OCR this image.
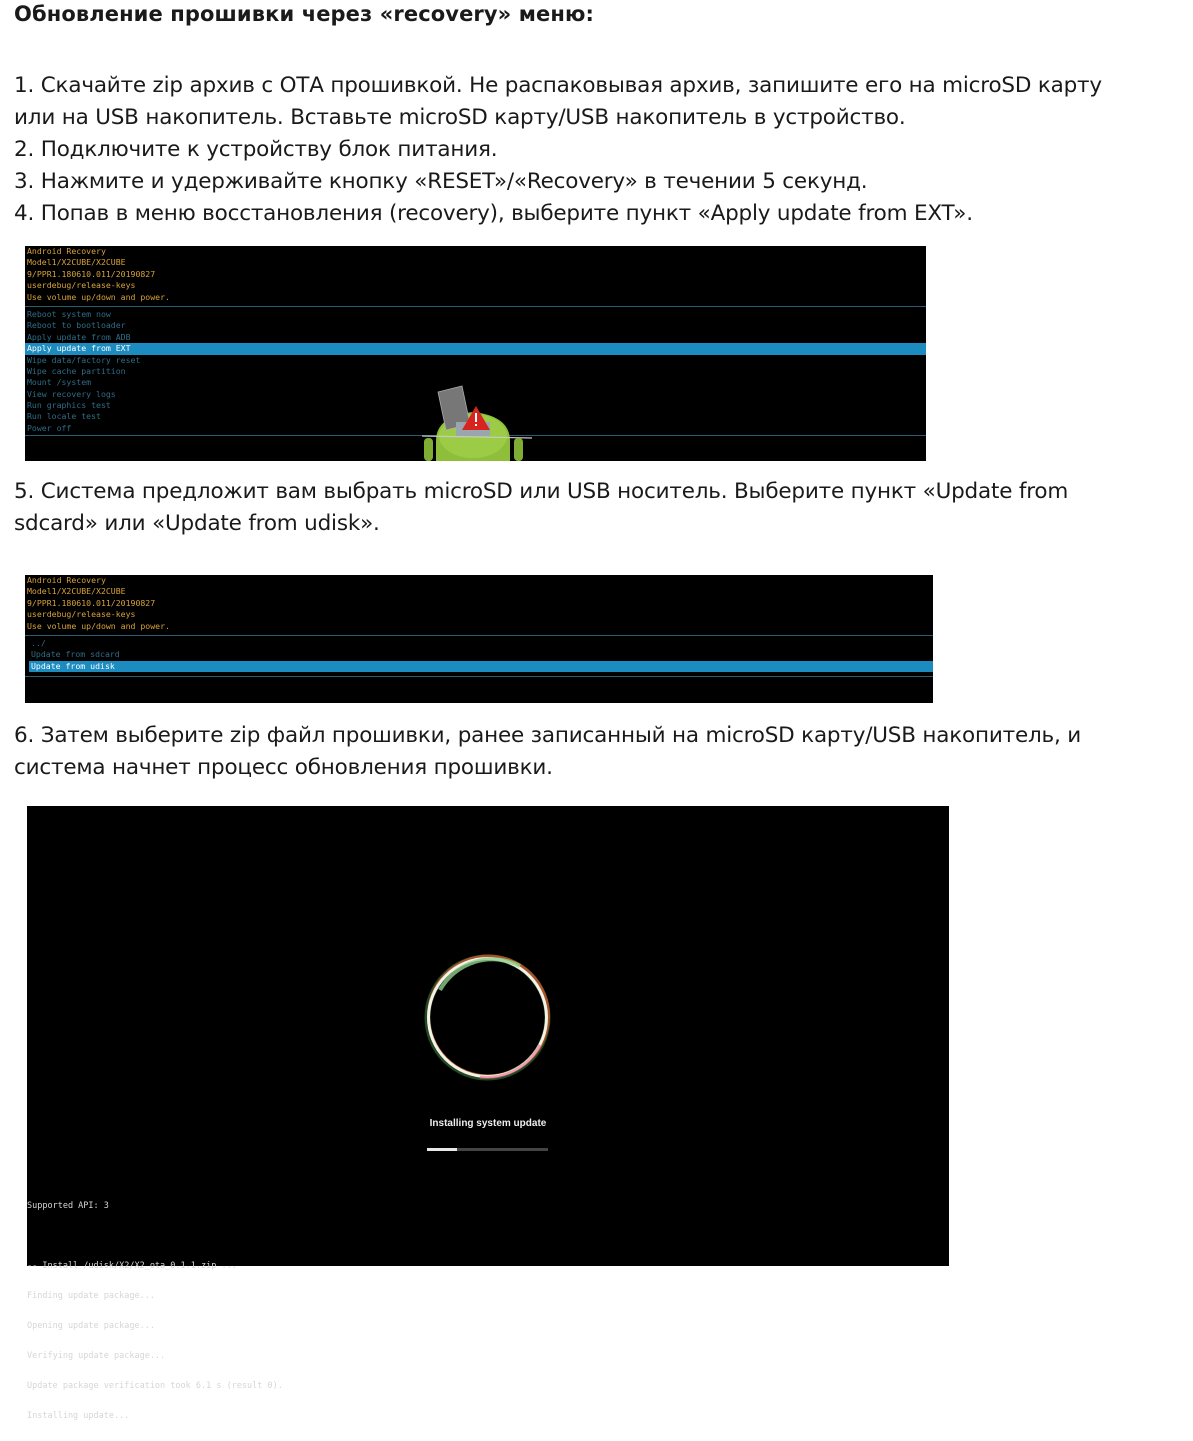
Обновление прошивки через «recovery» меню:
1. Скачайте zip архив с ОТА прошивкой. Не распаковывая архив, запишите его на microSD карту
или на USB накопитель. Вставьте microSD карту/USB накопитель в устройство.
2. Подключите к устройству блок питания.
3. Нажмите и удерживайте кнопку «RESET»/«Recovery» в течении 5 секунд.
4. Попав в меню восстановления (recovery), выберите пункт «Apply update from EXT».
Android Recovery
Model1/X2CUBE/X2CUBE
9/PPR1.180610.011/20190827
userdebug/release-keys
Use volume up/down and power.
Reboot system now
Reboot to bootloader
Apply update from ADB
Apply update from EXT
Wipe data/factory reset
Wipe cache partition
Mount /system
View recovery logs
Run graphics test
Run locale test
Power off
5. Система предложит вам выбрать microSD или USB носитель. Выберите пункт «Update from
sdcard» или «Update from udisk».
Android Recovery
Model1/X2CUBE/X2CUBE
9/PPR1.180610.011/20190827
userdebug/release-keys
Use volume up/down and power.
../
Update from sdcard
Update from udisk
6. Затем выберите zip файл прошивки, ранее записанный на microSD карту/USB накопитель, и
система начнет процесс обновления прошивки.
Installing system update

Supported API: 3

-- Install /udisk/X2/X2_ota_0.1.1.zip ...

Finding update package...

Opening update package...

Verifying update package...

Update package verification took 6.1 s (result 0).

Installing update...
